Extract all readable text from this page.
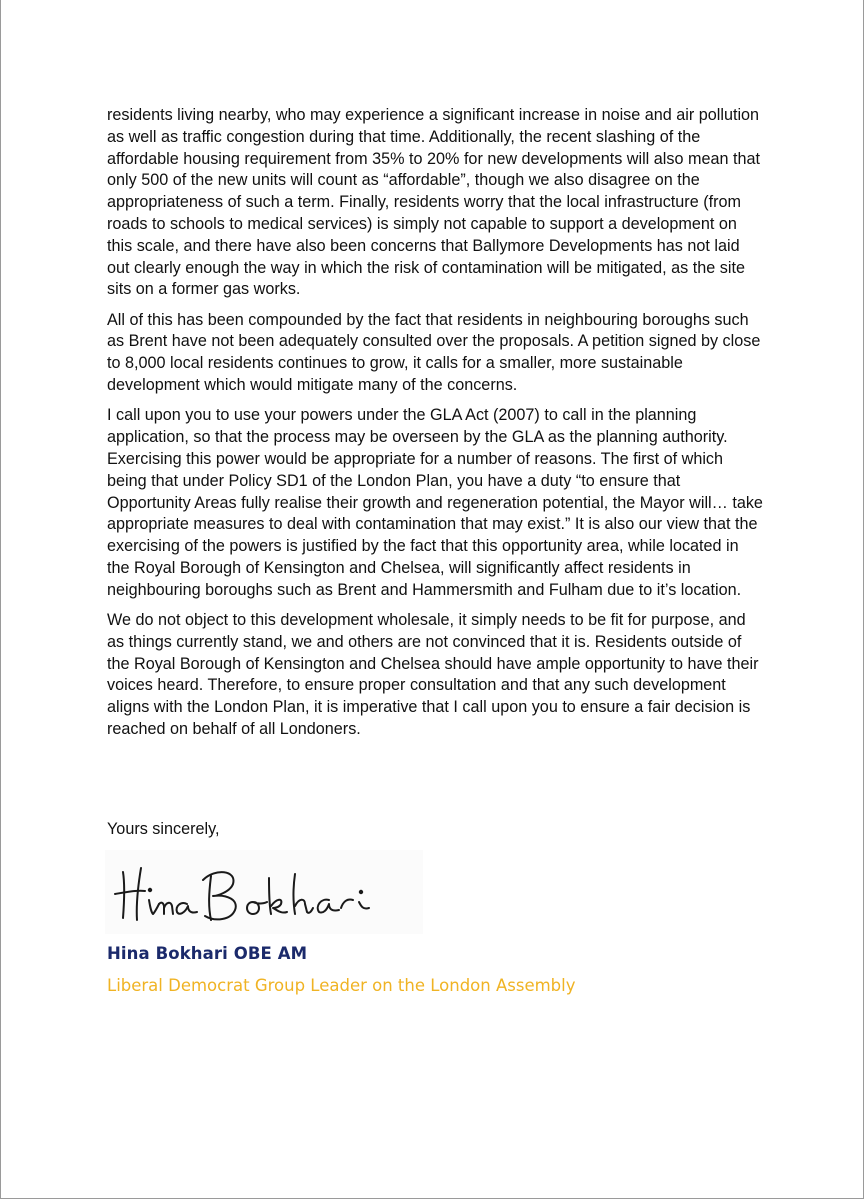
residents living nearby, who may experience a significant increase in noise and air pollution as well as traffic congestion during that time. Additionally, the recent slashing of the affordable housing requirement from 35% to 20% for new developments will also mean that only 500 of the new units will count as “affordable”, though we also disagree on the appropriateness of such a term. Finally, residents worry that the local infrastructure (from roads to schools to medical services) is simply not capable to support a development on this scale, and there have also been concerns that Ballymore Developments has not laid out clearly enough the way in which the risk of contamination will be mitigated, as the site sits on a former gas works.

All of this has been compounded by the fact that residents in neighbouring boroughs such as Brent have not been adequately consulted over the proposals. A petition signed by close to 8,000 local residents continues to grow, it calls for a smaller, more sustainable development which would mitigate many of the concerns.

I call upon you to use your powers under the GLA Act (2007) to call in the planning application, so that the process may be overseen by the GLA as the planning authority. Exercising this power would be appropriate for a number of reasons. The first of which being that under Policy SD1 of the London Plan, you have a duty “to ensure that Opportunity Areas fully realise their growth and regeneration potential, the Mayor will… take appropriate measures to deal with contamination that may exist.” It is also our view that the exercising of the powers is justified by the fact that this opportunity area, while located in the Royal Borough of Kensington and Chelsea, will significantly affect residents in neighbouring boroughs such as Brent and Hammersmith and Fulham due to it’s location.

We do not object to this development wholesale, it simply needs to be fit for purpose, and as things currently stand, we and others are not convinced that it is. Residents outside of the Royal Borough of Kensington and Chelsea should have ample opportunity to have their voices heard. Therefore, to ensure proper consultation and that any such development aligns with the London Plan, it is imperative that I call upon you to ensure a fair decision is reached on behalf of all Londoners.

Yours sincerely,
Hina Bokhari OBE AM
Liberal Democrat Group Leader on the London Assembly
